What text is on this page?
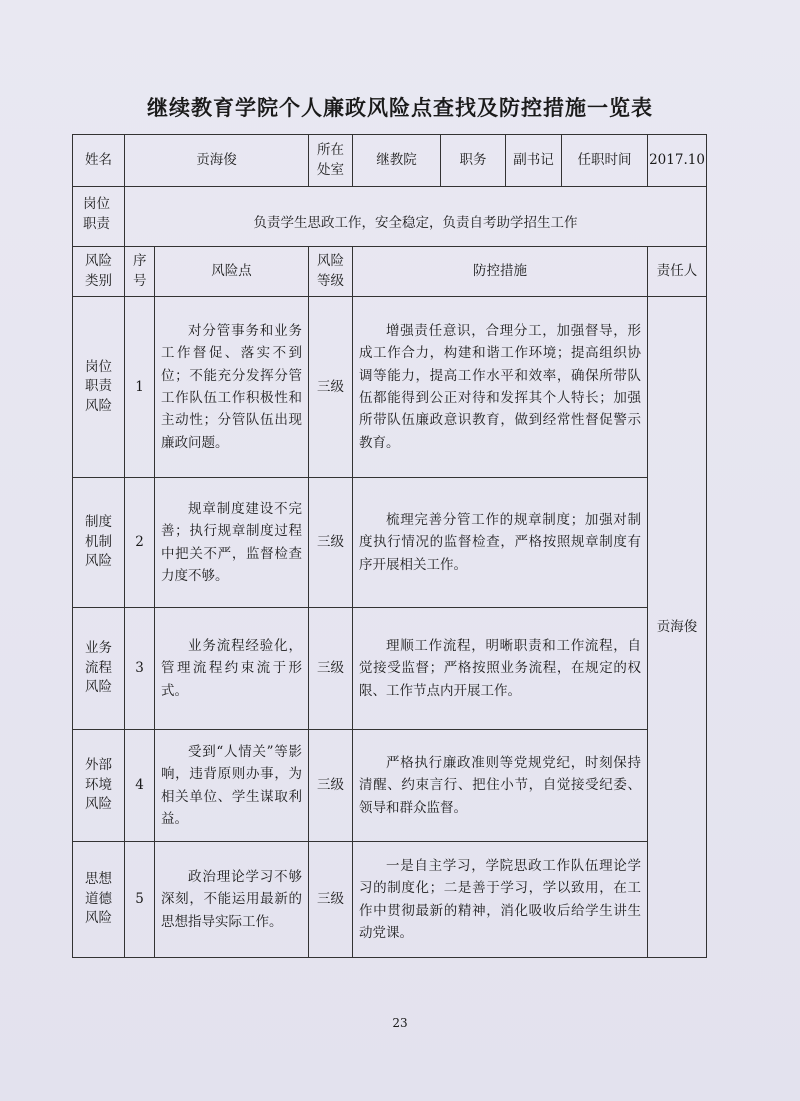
继续教育学院个人廉政风险点查找及防控措施一览表
姓名	贡海俊		所在处室	继教院	职务	副书记	任职时间	2017.10
岗位职责	负责学生思政工作，安全稳定，负责自考助学招生工作							
风险类别	序号	风险点	风险等级	防控措施				责任人
岗位职责风险	1	对分管事务和业务工作督促、落实不到位；不能充分发挥分管工作队伍工作积极性和主动性；分管队伍出现廉政问题。	三级	增强责任意识，合理分工，加强督导，形成工作合力，构建和谐工作环境；提高组织协调等能力，提高工作水平和效率，确保所带队伍都能得到公正对待和发挥其个人特长；加强所带队伍廉政意识教育，做到经常性督促警示教育。				贡海俊
制度机制风险	2	规章制度建设不完善；执行规章制度过程中把关不严，监督检查力度不够。	三级	梳理完善分管工作的规章制度；加强对制度执行情况的监督检查，严格按照规章制度有序开展相关工作。				
业务流程风险	3	业务流程经验化，管理流程约束流于形式。	三级	理顺工作流程，明晰职责和工作流程，自觉接受监督；严格按照业务流程，在规定的权限、工作节点内开展工作。				
外部环境风险	4	受到“人情关”等影响，违背原则办事，为相关单位、学生谋取利益。	三级	严格执行廉政准则等党规党纪，时刻保持清醒、约束言行、把住小节，自觉接受纪委、领导和群众监督。				
思想道德风险	5	政治理论学习不够深刻，不能运用最新的思想指导实际工作。	三级	一是自主学习，学院思政工作队伍理论学习的制度化；二是善于学习，学以致用，在工作中贯彻最新的精神，消化吸收后给学生讲生动党课。				
23
